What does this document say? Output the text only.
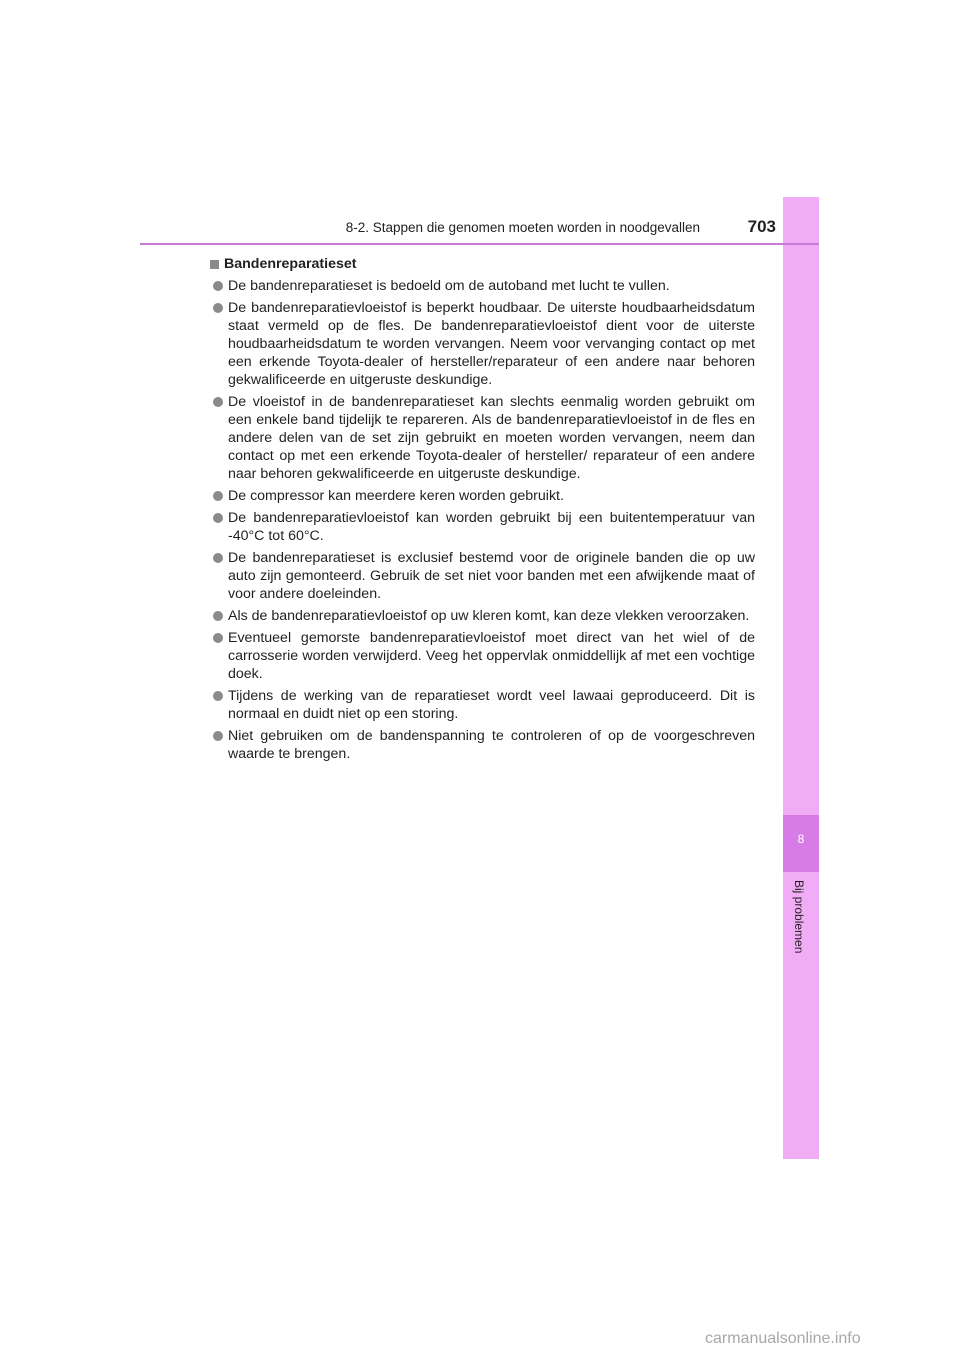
8
Bij problemen
8-2. Stappen die genomen moeten worden in noodgevallen	703
Bandenreparatieset
De bandenreparatieset is bedoeld om de autoband met lucht te vullen.
De bandenreparatievloeistof is beperkt houdbaar. De uiterste houdbaarheidsdatum staat vermeld op de fles. De bandenreparatievloeistof dient voor de uiterste houdbaarheidsdatum te worden vervangen. Neem voor vervanging contact op met een erkende Toyota-dealer of hersteller/reparateur of een andere naar behoren gekwalificeerde en uitgeruste deskundige.
De vloeistof in de bandenreparatieset kan slechts eenmalig worden gebruikt om een enkele band tijdelijk te repareren. Als de bandenreparatievloeistof in de fles en andere delen van de set zijn gebruikt en moeten worden vervangen, neem dan contact op met een erkende Toyota-dealer of hersteller/ reparateur of een andere naar behoren gekwalificeerde en uitgeruste deskundige.
De compressor kan meerdere keren worden gebruikt.
De bandenreparatievloeistof kan worden gebruikt bij een buitentemperatuur van -40°C tot 60°C.
De bandenreparatieset is exclusief bestemd voor de originele banden die op uw auto zijn gemonteerd. Gebruik de set niet voor banden met een afwijkende maat of voor andere doeleinden.
Als de bandenreparatievloeistof op uw kleren komt, kan deze vlekken veroorzaken.
Eventueel gemorste bandenreparatievloeistof moet direct van het wiel of de carrosserie worden verwijderd. Veeg het oppervlak onmiddellijk af met een vochtige doek.
Tijdens de werking van de reparatieset wordt veel lawaai geproduceerd. Dit is normaal en duidt niet op een storing.
Niet gebruiken om de bandenspanning te controleren of op de voorgeschreven waarde te brengen.
carmanualsonline.info
